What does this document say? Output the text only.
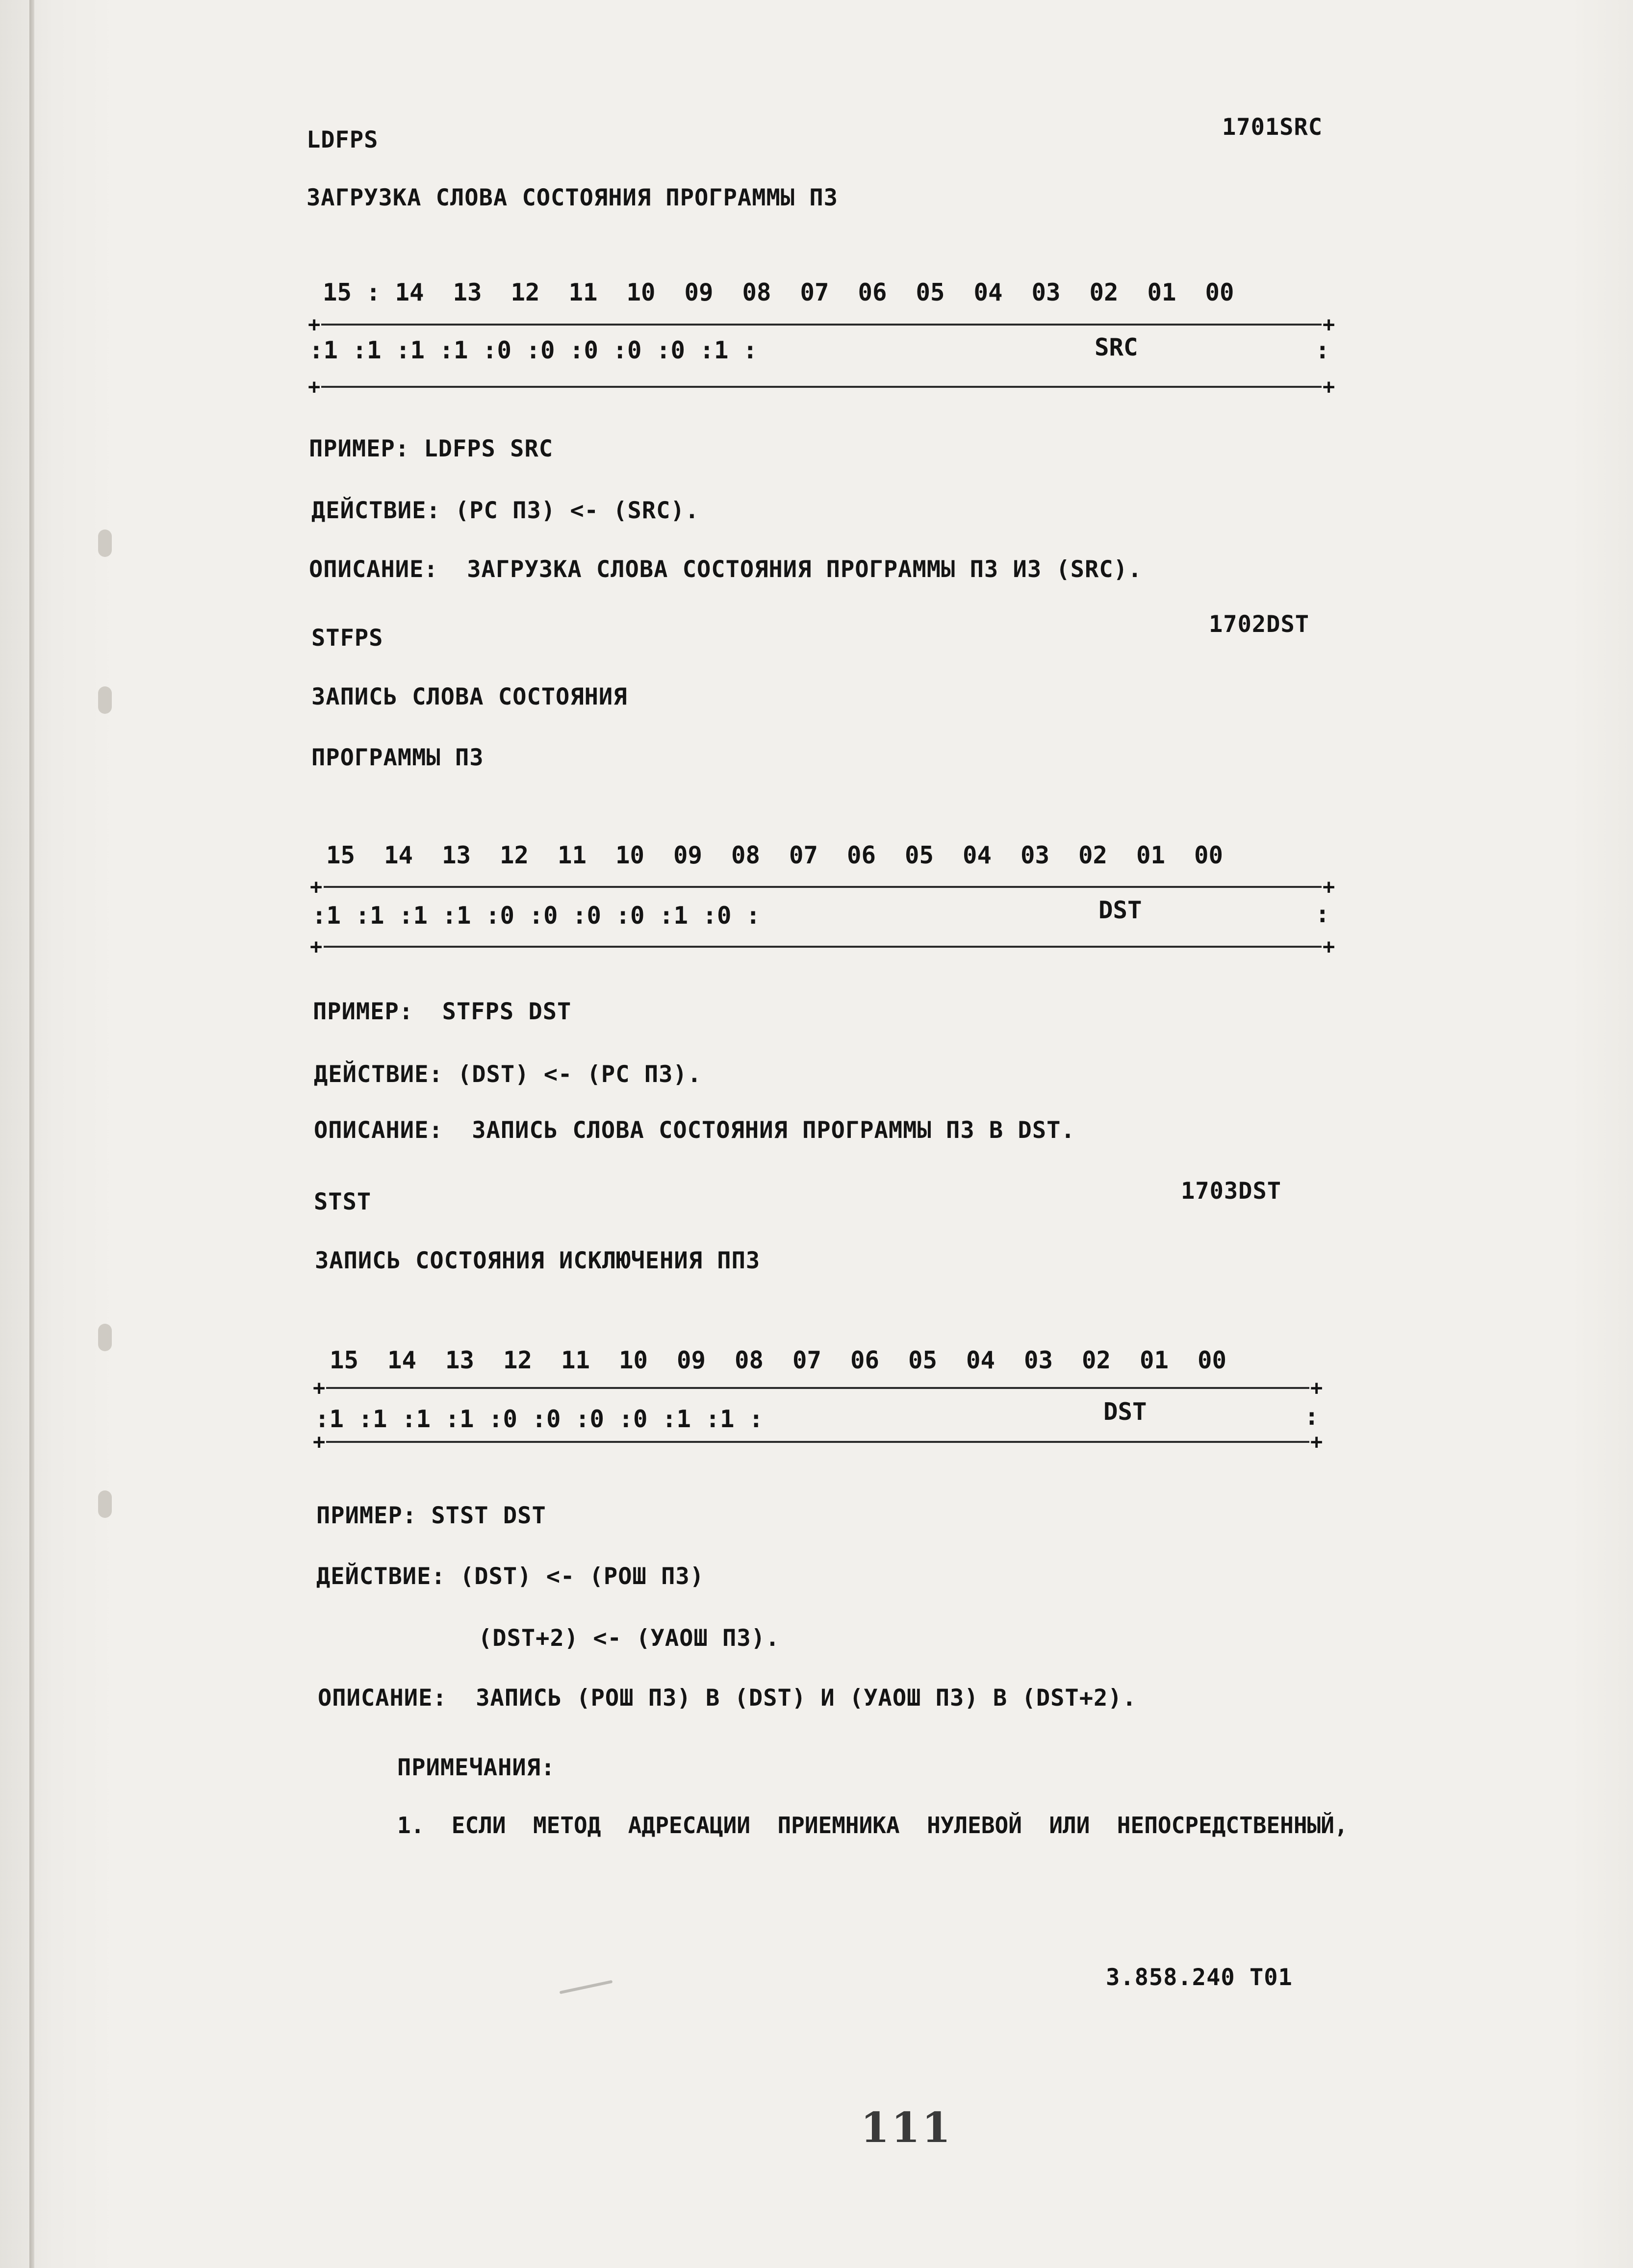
LDFPS	1701SRC
ЗАГРУЗКА СЛОВА СОСТОЯНИЯ ПРОГРАММЫ ПЗ
15 : 14  13  12  11  10  09  08  07  06  05  04  03  02  01  00
+	+
:1 :1 :1 :1 :0 :0 :0 :0 :0 :1 :	SRC	:
+	+
ПРИМЕР: LDFPS SRC
ДЕЙСТВИЕ: (РС ПЗ) <- (SRC).
ОПИСАНИЕ:  ЗАГРУЗКА СЛОВА СОСТОЯНИЯ ПРОГРАММЫ ПЗ ИЗ (SRC).
STFPS
1702DST
ЗАПИСЬ СЛОВА СОСТОЯНИЯ
ПРОГРАММЫ ПЗ
15  14  13  12  11  10  09  08  07  06  05  04  03  02  01  00
+	+
:1 :1 :1 :1 :0 :0 :0 :0 :1 :0 :	DST	:
+	+
ПРИМЕР:  STFPS DST
ДЕЙСТВИЕ: (DST) <- (РС ПЗ).
ОПИСАНИЕ:  ЗАПИСЬ СЛОВА СОСТОЯНИЯ ПРОГРАММЫ ПЗ В DST.
STST	1703DST
ЗАПИСЬ СОСТОЯНИЯ ИСКЛЮЧЕНИЯ ППЗ
15  14  13  12  11  10  09  08  07  06  05  04  03  02  01  00
+	+
:1 :1 :1 :1 :0 :0 :0 :0 :1 :1 :	DST	:
+	+
ПРИМЕР: STST DST
ДЕЙСТВИЕ: (DST) <- (РОШ ПЗ)
(DST+2) <- (УАОШ ПЗ).
ОПИСАНИЕ:  ЗАПИСЬ (РОШ ПЗ) В (DST) И (УАОШ ПЗ) В (DST+2).
ПРИМЕЧАНИЯ:
1.  ЕСЛИ  МЕТОД  АДРЕСАЦИИ  ПРИЕМНИКА  НУЛЕВОЙ  ИЛИ  НЕПОСРЕДСТВЕННЫЙ,
3.858.240 Т01
111
